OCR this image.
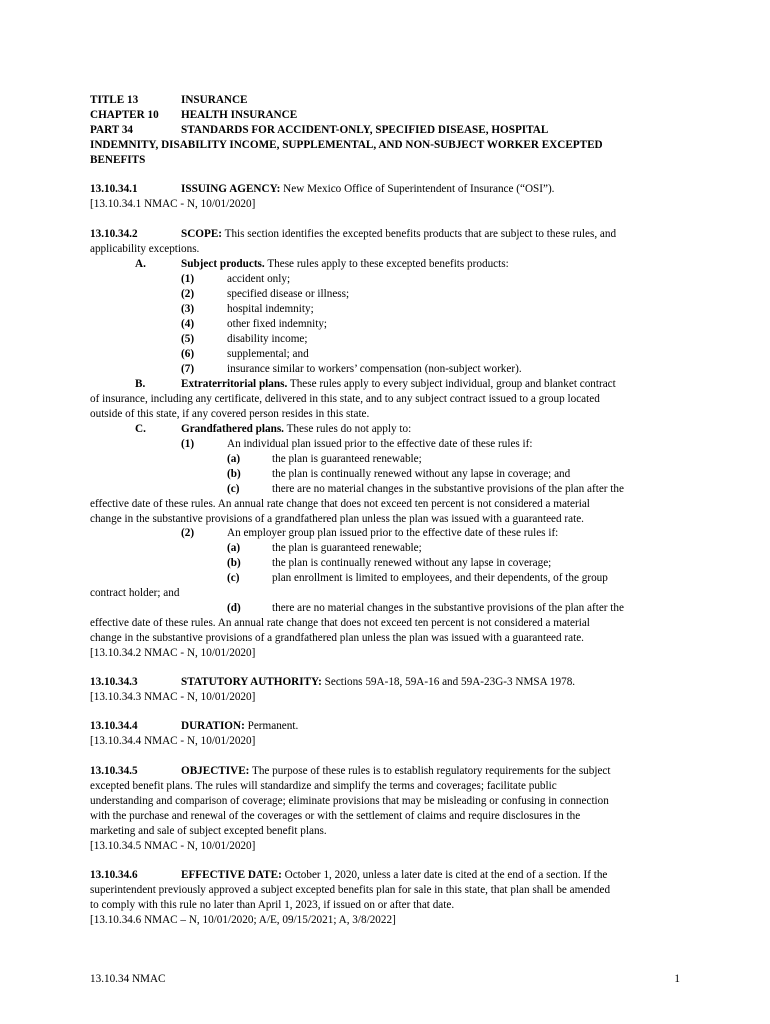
TITLE 13	INSURANCE
CHAPTER 10 HEALTH INSURANCE
PART 34	STANDARDS FOR ACCIDENT-ONLY, SPECIFIED DISEASE, HOSPITAL
INDEMNITY, DISABILITY INCOME, SUPPLEMENTAL, AND NON-SUBJECT WORKER EXCEPTED
BENEFITS
13.10.34.1	ISSUING AGENCY: New Mexico Office of Superintendent of Insurance (“OSI”).
[13.10.34.1 NMAC - N, 10/01/2020]
13.10.34.2	SCOPE: This section identifies the excepted benefits products that are subject to these rules, and
applicability exceptions.
A.	Subject products. These rules apply to these excepted benefits products:
(1)	accident only;
(2)	specified disease or illness;
(3)	hospital indemnity;
(4)	other fixed indemnity;
(5)	disability income;
(6)	supplemental; and
(7)	insurance similar to workers’ compensation (non-subject worker).
B.	Extraterritorial plans. These rules apply to every subject individual, group and blanket contract
of insurance, including any certificate, delivered in this state, and to any subject contract issued to a group located
outside of this state, if any covered person resides in this state.
C.	Grandfathered plans. These rules do not apply to:
(1)	An individual plan issued prior to the effective date of these rules if:
(a)	the plan is guaranteed renewable;
(b)	the plan is continually renewed without any lapse in coverage; and
(c)	there are no material changes in the substantive provisions of the plan after the
effective date of these rules. An annual rate change that does not exceed ten percent is not considered a material
change in the substantive provisions of a grandfathered plan unless the plan was issued with a guaranteed rate.
(2)	An employer group plan issued prior to the effective date of these rules if:
(a)	the plan is guaranteed renewable;
(b)	the plan is continually renewed without any lapse in coverage;
(c)	plan enrollment is limited to employees, and their dependents, of the group
contract holder; and
(d)	there are no material changes in the substantive provisions of the plan after the
effective date of these rules. An annual rate change that does not exceed ten percent is not considered a material
change in the substantive provisions of a grandfathered plan unless the plan was issued with a guaranteed rate.
[13.10.34.2 NMAC - N, 10/01/2020]
13.10.34.3	STATUTORY AUTHORITY: Sections 59A-18, 59A-16 and 59A-23G-3 NMSA 1978.
[13.10.34.3 NMAC - N, 10/01/2020]
13.10.34.4	DURATION: Permanent.
[13.10.34.4 NMAC - N, 10/01/2020]
13.10.34.5	OBJECTIVE: The purpose of these rules is to establish regulatory requirements for the subject
excepted benefit plans. The rules will standardize and simplify the terms and coverages; facilitate public
understanding and comparison of coverage; eliminate provisions that may be misleading or confusing in connection
with the purchase and renewal of the coverages or with the settlement of claims and require disclosures in the
marketing and sale of subject excepted benefit plans.
[13.10.34.5 NMAC - N, 10/01/2020]
13.10.34.6	EFFECTIVE DATE: October 1, 2020, unless a later date is cited at the end of a section. If the
superintendent previously approved a subject excepted benefits plan for sale in this state, that plan shall be amended
to comply with this rule no later than April 1, 2023, if issued on or after that date.
[13.10.34.6 NMAC – N, 10/01/2020; A/E, 09/15/2021; A, 3/8/2022]
13.10.34 NMAC	1
